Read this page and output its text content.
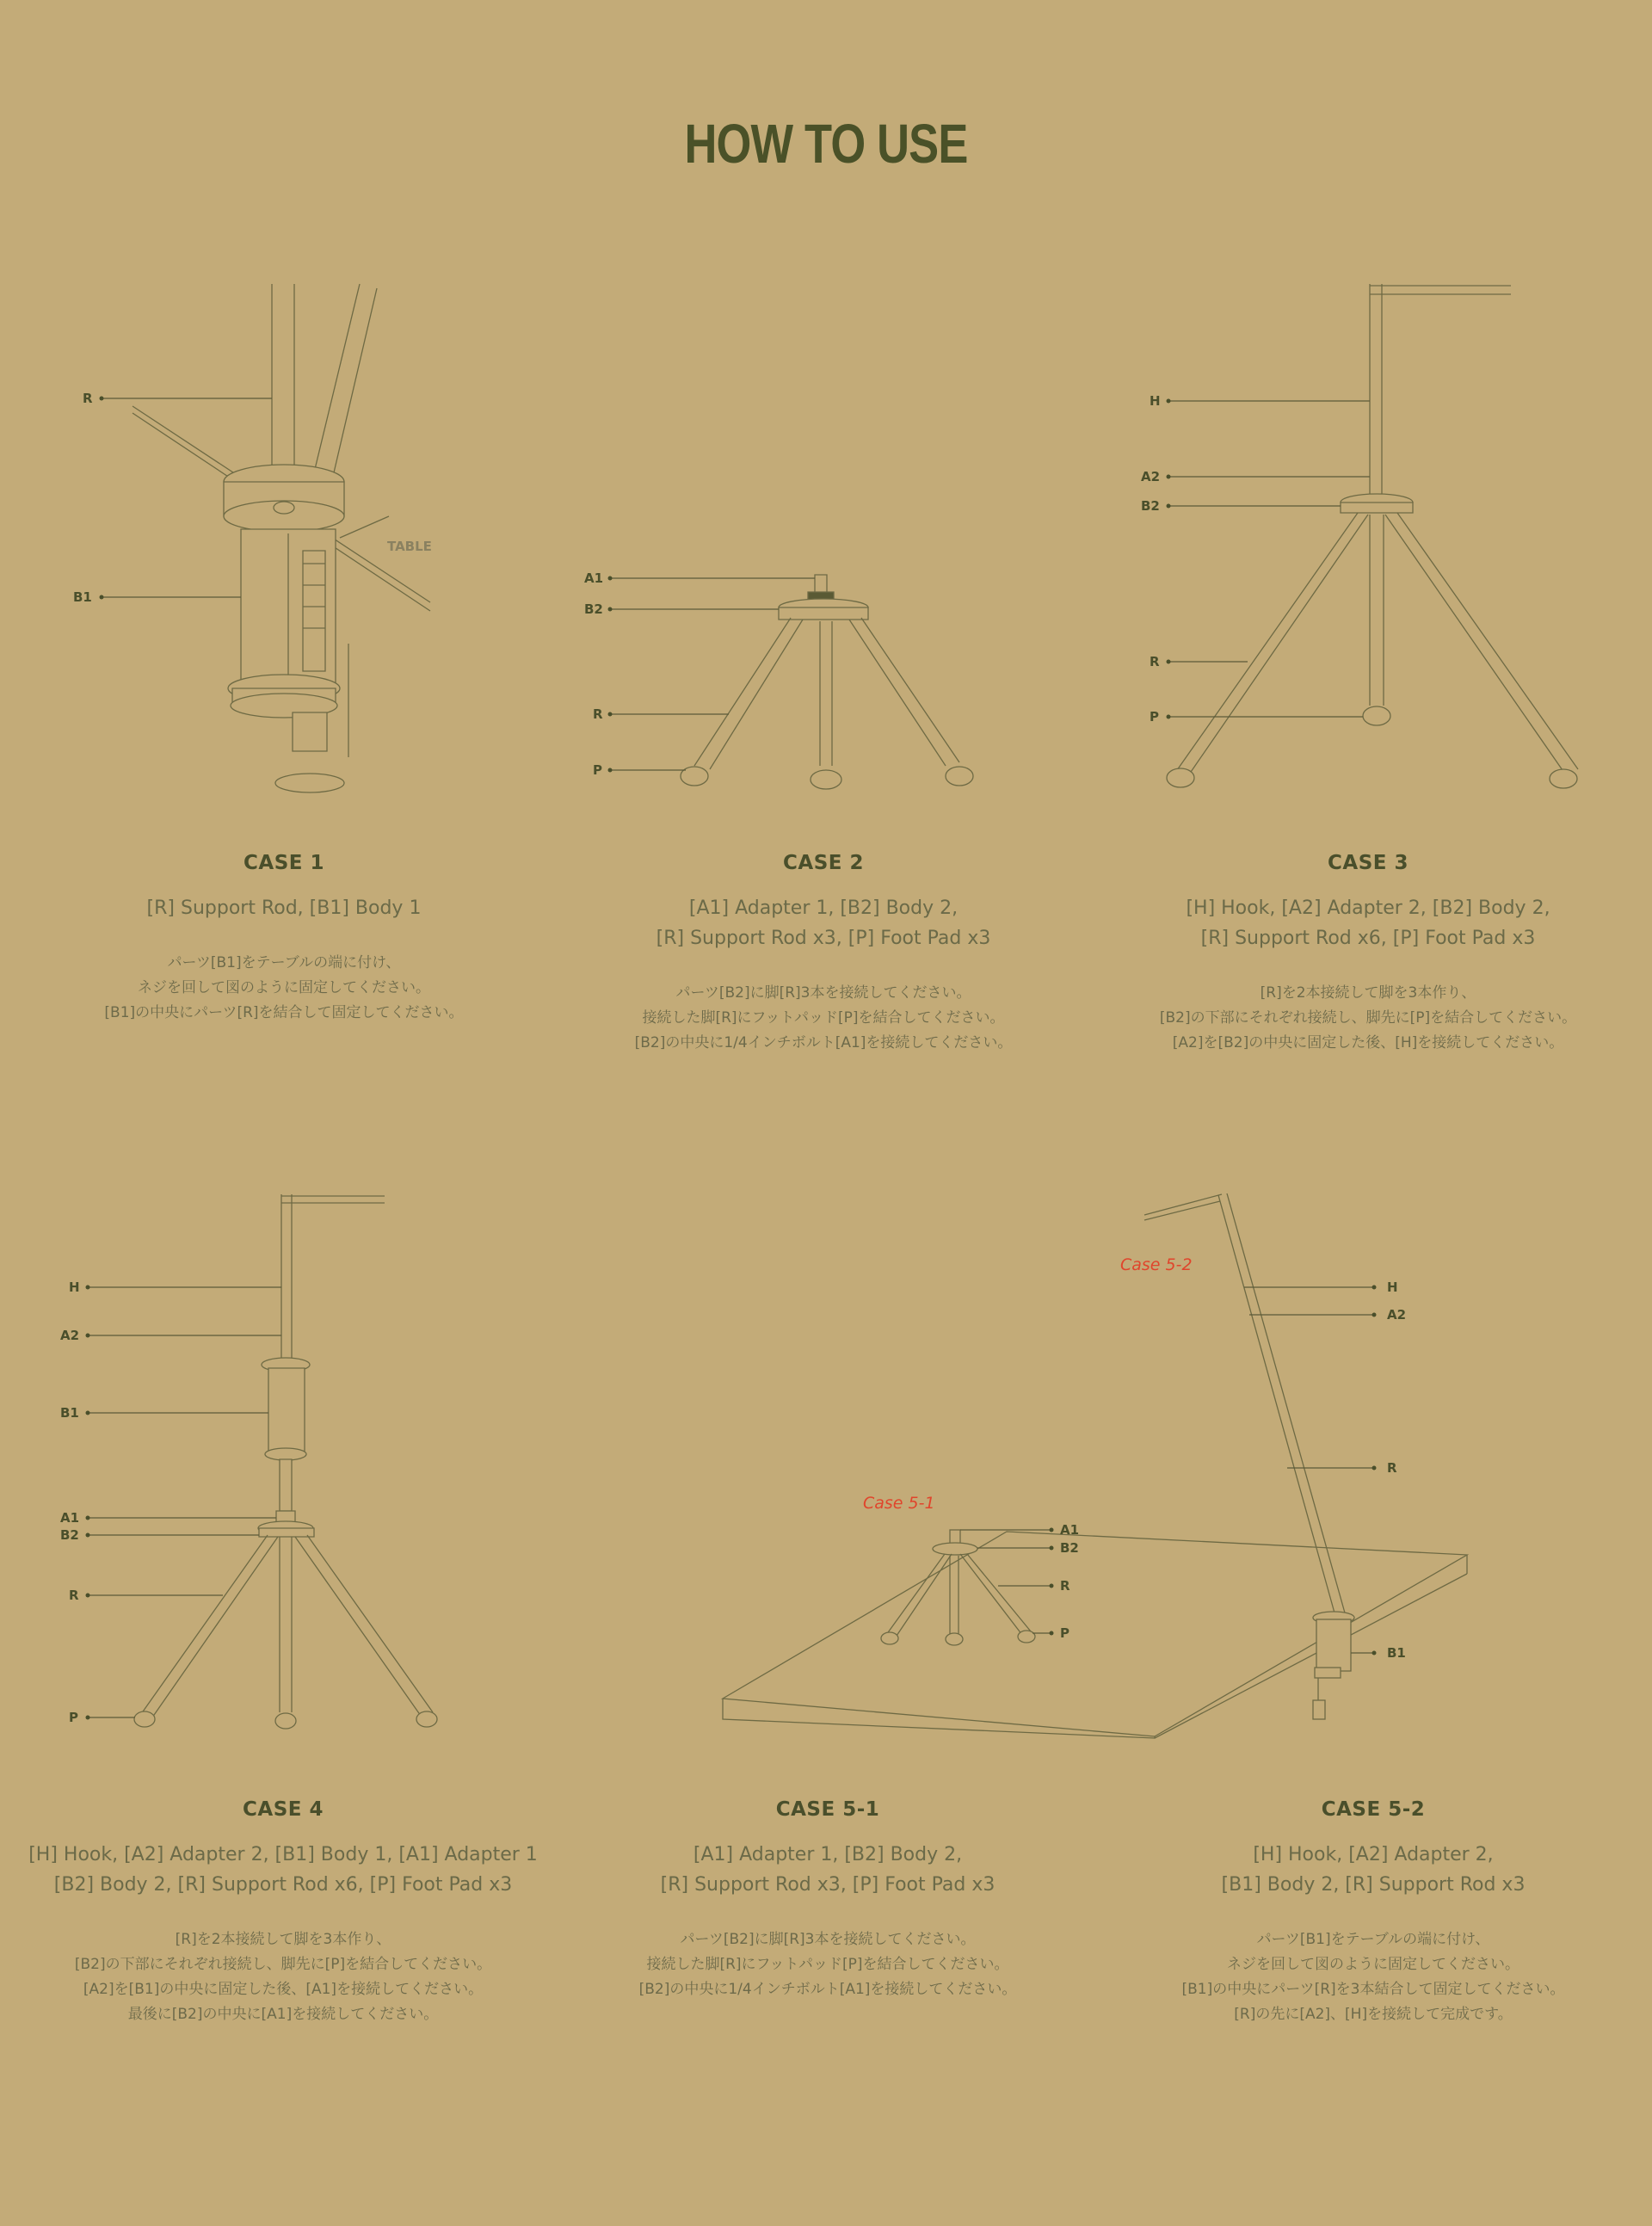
HOW TO USE
TABLE
R
B1
CASE 1

[R] Support Rod, [B1] Body 1

パーツ[B1]をテーブルの端に付け、
ネジを回して図のように固定してください。
[B1]の中央にパーツ[R]を結合して固定してください。

A1
B2
R
P
CASE 2

[A1] Adapter 1, [B2] Body 2,
[R] Support Rod x3, [P] Foot Pad x3

パーツ[B2]に脚[R]3本を接続してください。
接続した脚[R]にフットパッド[P]を結合してください。
[B2]の中央に1/4インチボルト[A1]を接続してください。

H
A2
B2
R
P
CASE 3

[H] Hook, [A2] Adapter 2, [B2] Body 2,
[R] Support Rod x6, [P] Foot Pad x3

[R]を2本接続して脚を3本作り、
[B2]の下部にそれぞれ接続し、脚先に[P]を結合してください。
[A2]を[B2]の中央に固定した後、[H]を接続してください。

H
A2
B1
A1
B2
R
P
CASE 4

[H] Hook, [A2] Adapter 2, [B1] Body 1, [A1] Adapter 1
[B2] Body 2, [R] Support Rod x6, [P] Foot Pad x3

[R]を2本接続して脚を3本作り、
[B2]の下部にそれぞれ接続し、脚先に[P]を結合してください。
[A2]を[B1]の中央に固定した後、[A1]を接続してください。
最後に[B2]の中央に[A1]を接続してください。

Case 5-1
A1
B2
R
P
Case 5-2
H
A2
R
B1
CASE 5-1

[A1] Adapter 1, [B2] Body 2,
[R] Support Rod x3, [P] Foot Pad x3

パーツ[B2]に脚[R]3本を接続してください。
接続した脚[R]にフットパッド[P]を結合してください。
[B2]の中央に1/4インチボルト[A1]を接続してください。

CASE 5-2

[H] Hook, [A2] Adapter 2,
[B1] Body 2, [R] Support Rod x3

パーツ[B1]をテーブルの端に付け、
ネジを回して図のように固定してください。
[B1]の中央にパーツ[R]を3本結合して固定してください。
[R]の先に[A2]、[H]を接続して完成です。
